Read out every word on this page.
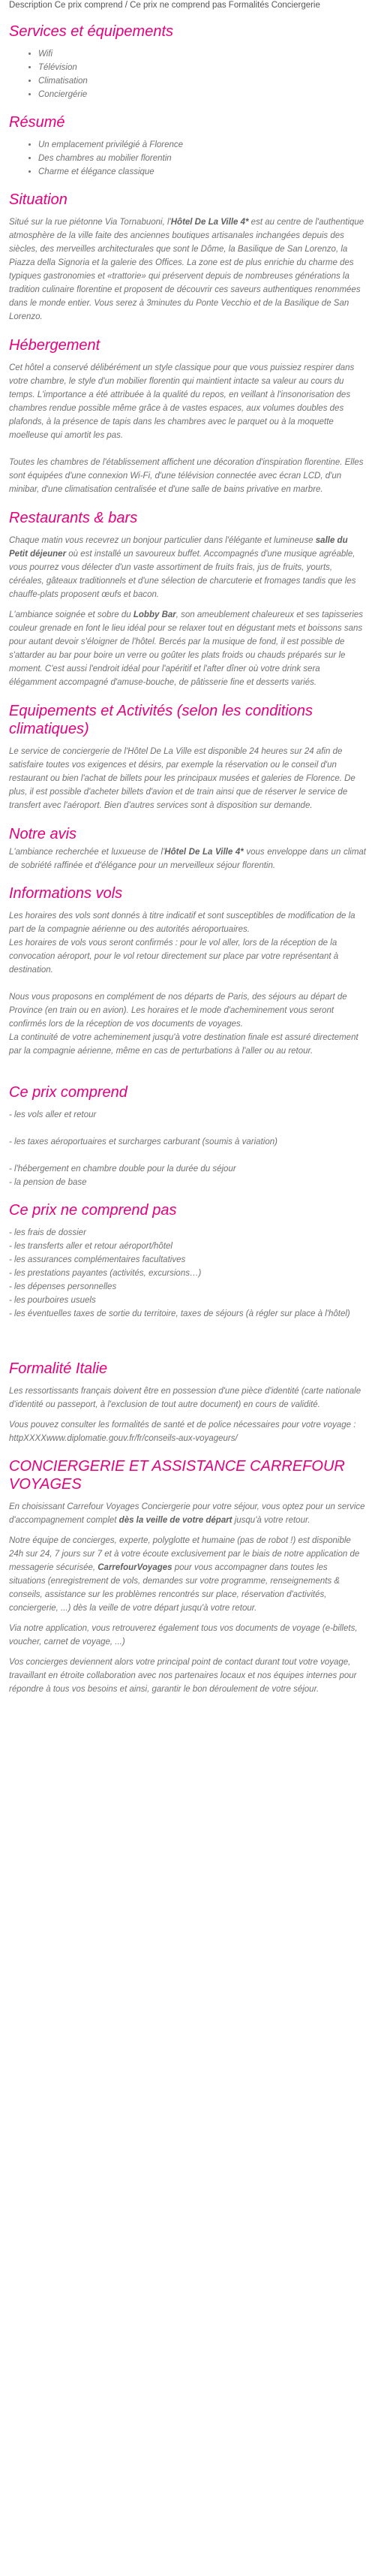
Description Ce prix comprend / Ce prix ne comprend pas Formalités Conciergerie
Services et équipements
• Wifi
• Télévision
• Climatisation
• Conciergérie
Résumé
• Un emplacement privilégié à Florence
• Des chambres au mobilier florentin
• Charme et élégance classique
Situation

Situé sur la rue piétonne Via Tornabuoni, l'Hôtel De La Ville 4* est au centre de l'authentique atmosphère de la ville faite des anciennes boutiques artisanales inchangées depuis des siècles, des merveilles architecturales que sont le Dôme, la Basilique de San Lorenzo, la Piazza della Signoria et la galerie des Offices. La zone est de plus enrichie du charme des typiques gastronomies et «trattorie» qui préservent depuis de nombreuses générations la tradition culinaire florentine et proposent de découvrir ces saveurs authentiques renommées dans le monde entier. Vous serez à 3minutes du Ponte Vecchio et de la Basilique de San Lorenzo.

Hébergement

Cet hôtel a conservé délibérément un style classique pour que vous puissiez respirer dans votre chambre, le style d'un mobilier florentin qui maintient intacte sa valeur au cours du temps. L'importance a été attribuée à la qualité du repos, en veillant à l'insonorisation des chambres rendue possible même grâce à de vastes espaces, aux volumes doubles des plafonds, à la présence de tapis dans les chambres avec le parquet ou à la moquette moelleuse qui amortit les pas.

Toutes les chambres de l'établissement affichent une décoration d'inspiration florentine. Elles sont équipées d'une connexion Wi-Fi, d'une télévision connectée avec écran LCD, d'un minibar, d'une climatisation centralisée et d'une salle de bains privative en marbre.

Restaurants & bars

Chaque matin vous recevrez un bonjour particulier dans l'élégante et lumineuse salle du Petit déjeuner où est installé un savoureux buffet. Accompagnés d'une musique agréable, vous pourrez vous délecter d'un vaste assortiment de fruits frais, jus de fruits, yourts, céréales, gâteaux traditionnels et d'une sélection de charcuterie et fromages tandis que les chauffe-plats proposent œufs et bacon.

L'ambiance soignée et sobre du Lobby Bar, son ameublement chaleureux et ses tapisseries couleur grenade en font le lieu idéal pour se relaxer tout en dégustant mets et boissons sans pour autant devoir s'éloigner de l'hôtel. Bercés par la musique de fond, il est possible de s'attarder au bar pour boire un verre ou goûter les plats froids ou chauds préparés sur le moment. C'est aussi l'endroit idéal pour l'apéritif et l'after dîner où votre drink sera élégamment accompagné d'amuse-bouche, de pâtisserie fine et desserts variés.

Equipements et Activités (selon les conditions climatiques)

Le service de conciergerie de l'Hôtel De La Ville est disponible 24 heures sur 24 afin de satisfaire toutes vos exigences et désirs, par exemple la réservation ou le conseil d'un restaurant ou bien l'achat de billets pour les principaux musées et galeries de Florence. De plus, il est possible d'acheter billets d'avion et de train ainsi que de réserver le service de transfert avec l'aéroport. Bien d'autres services sont à disposition sur demande.

Notre avis

L'ambiance recherchée et luxueuse de l'Hôtel De La Ville 4* vous enveloppe dans un climat de sobriété raffinée et d'élégance pour un merveilleux séjour florentin.

Informations vols

Les horaires des vols sont donnés à titre indicatif et sont susceptibles de modification de la part de la compagnie aérienne ou des autorités aéroportuaires.

Les horaires de vols vous seront confirmés : pour le vol aller, lors de la réception de la convocation aéroport, pour le vol retour directement sur place par votre représentant à destination.

Nous vous proposons en complément de nos départs de Paris, des séjours au départ de Province (en train ou en avion). Les horaires et le mode d'acheminement vous seront confirmés lors de la réception de vos documents de voyages.

La continuité de votre acheminement jusqu'à votre destination finale est assuré directement par la compagnie aérienne, même en cas de perturbations à l'aller ou au retour.

Ce prix comprend
- les vols aller et retour
- les taxes aéroportuaires et surcharges carburant (soumis à variation)
- l'hébergement en chambre double pour la durée du séjour
- la pension de base
Ce prix ne comprend pas
- les frais de dossier
- les transferts aller et retour aéroport/hôtel
- les assurances complémentaires facultatives
- les prestations payantes (activités, excursions…)
- les dépenses personnelles
- les pourboires usuels
- les éventuelles taxes de sortie du territoire, taxes de séjours (à régler sur place à l'hôtel)
Formalité Italie

Les ressortissants français doivent être en possession d'une pièce d'identité (carte nationale d'identité ou passeport, à l'exclusion de tout autre document) en cours de validité.

Vous pouvez consulter les formalités de santé et de police nécessaires pour votre voyage : httpXXXXwww.diplomatie.gouv.fr/fr/conseils-aux-voyageurs/

CONCIERGERIE ET ASSISTANCE CARREFOUR VOYAGES

En choisissant Carrefour Voyages Conciergerie pour votre séjour, vous optez pour un service d'accompagnement complet dès la veille de votre départ jusqu'à votre retour.

Notre équipe de concierges, experte, polyglotte et humaine (pas de robot !) est disponible 24h sur 24, 7 jours sur 7 et à votre écoute exclusivement par le biais de notre application de messagerie sécurisée, CarrefourVoyages pour vous accompagner dans toutes les situations (enregistrement de vols, demandes sur votre programme, renseignements & conseils, assistance sur les problèmes rencontrés sur place, réservation d'activités, conciergerie, ...) dès la veille de votre départ jusqu'à votre retour.

Via notre application, vous retrouverez également tous vos documents de voyage (e-billets, voucher, carnet de voyage, ...)

Vos concierges deviennent alors votre principal point de contact durant tout votre voyage, travaillant en étroite collaboration avec nos partenaires locaux et nos équipes internes pour répondre à tous vos besoins et ainsi, garantir le bon déroulement de votre séjour.
